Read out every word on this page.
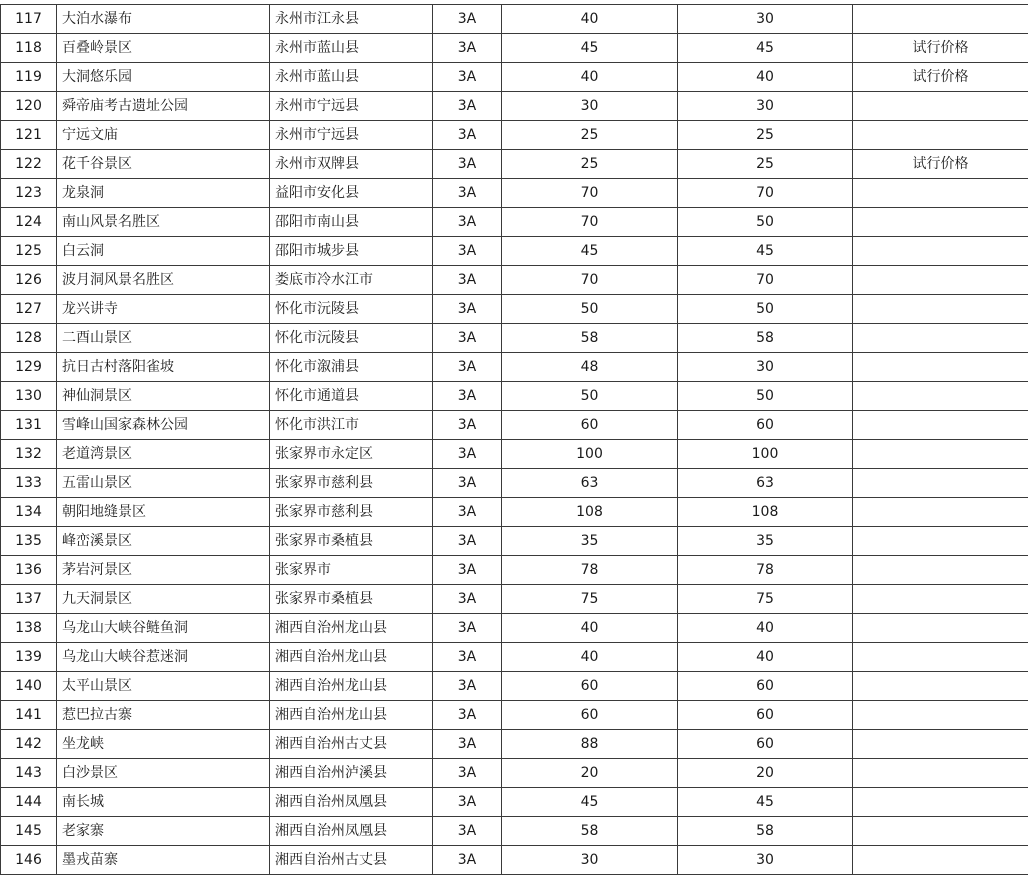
117	大泊水瀑布	永州市江永县	3A	40	30	
118	百叠岭景区	永州市蓝山县	3A	45	45	试行价格
119	大洞悠乐园	永州市蓝山县	3A	40	40	试行价格
120	舜帝庙考古遗址公园	永州市宁远县	3A	30	30	
121	宁远文庙	永州市宁远县	3A	25	25	
122	花千谷景区	永州市双牌县	3A	25	25	试行价格
123	龙泉洞	益阳市安化县	3A	70	70	
124	南山风景名胜区	邵阳市南山县	3A	70	50	
125	白云洞	邵阳市城步县	3A	45	45	
126	波月洞风景名胜区	娄底市冷水江市	3A	70	70	
127	龙兴讲寺	怀化市沅陵县	3A	50	50	
128	二酉山景区	怀化市沅陵县	3A	58	58	
129	抗日古村落阳雀坡	怀化市溆浦县	3A	48	30	
130	神仙洞景区	怀化市通道县	3A	50	50	
131	雪峰山国家森林公园	怀化市洪江市	3A	60	60	
132	老道湾景区	张家界市永定区	3A	100	100	
133	五雷山景区	张家界市慈利县	3A	63	63	
134	朝阳地缝景区	张家界市慈利县	3A	108	108	
135	峰峦溪景区	张家界市桑植县	3A	35	35	
136	茅岩河景区	张家界市	3A	78	78	
137	九天洞景区	张家界市桑植县	3A	75	75	
138	乌龙山大峡谷鲢鱼洞	湘西自治州龙山县	3A	40	40	
139	乌龙山大峡谷惹迷洞	湘西自治州龙山县	3A	40	40	
140	太平山景区	湘西自治州龙山县	3A	60	60	
141	惹巴拉古寨	湘西自治州龙山县	3A	60	60	
142	坐龙峡	湘西自治州古丈县	3A	88	60	
143	白沙景区	湘西自治州泸溪县	3A	20	20	
144	南长城	湘西自治州凤凰县	3A	45	45	
145	老家寨	湘西自治州凤凰县	3A	58	58	
146	墨戎苗寨	湘西自治州古丈县	3A	30	30	
